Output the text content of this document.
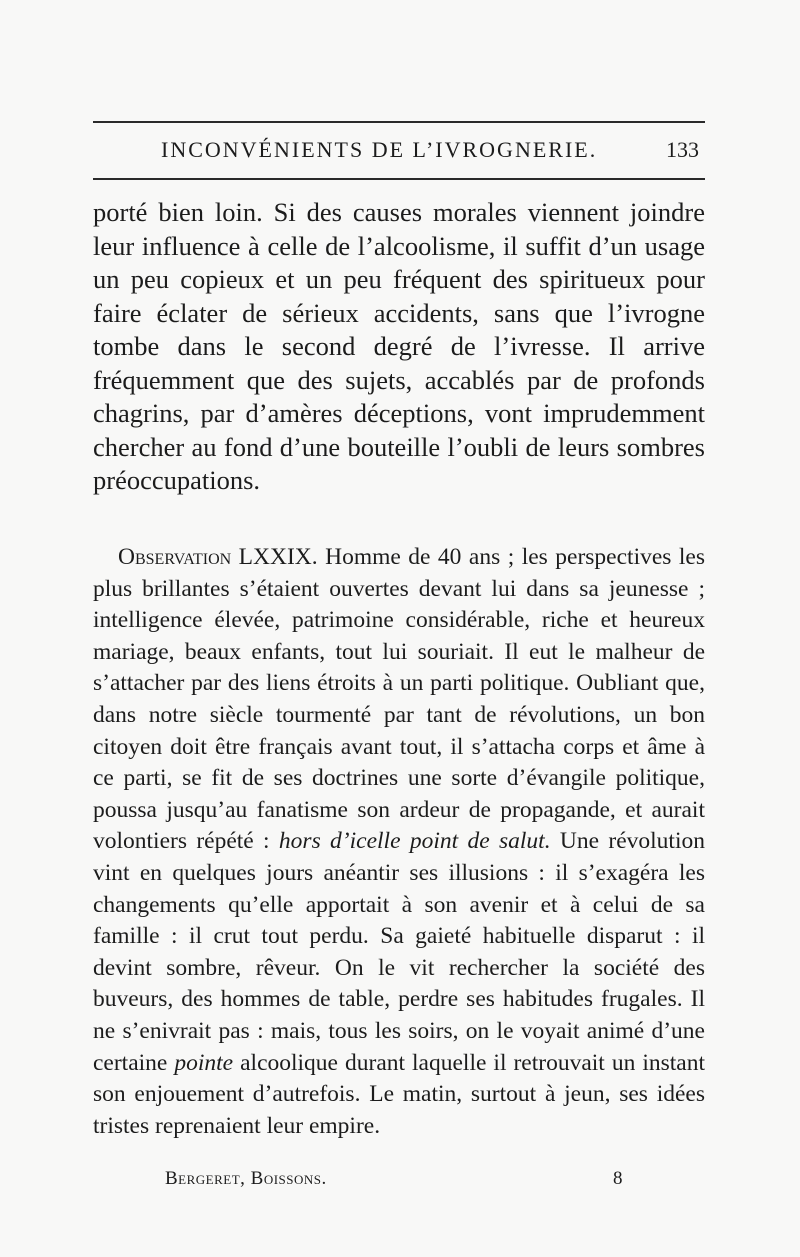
INCONVÉNIENTS DE L’IVROGNERIE.	133

porté bien loin. Si des causes morales viennent joindre leur influence à celle de l’alcoolisme, il suffit d’un usage un peu copieux et un peu fréquent des spiritueux pour faire éclater de sérieux accidents, sans que l’ivrogne tombe dans le second degré de l’ivresse. Il arrive fréquemment que des sujets, accablés par de profonds chagrins, par d’amères déceptions, vont imprudemment chercher au fond d’une bouteille l’oubli de leurs sombres préoccupations.

Observation LXXIX. Homme de 40 ans ; les perspectives les plus brillantes s’étaient ouvertes devant lui dans sa jeunesse ; intelligence élevée, patrimoine considérable, riche et heureux mariage, beaux enfants, tout lui souriait. Il eut le malheur de s’attacher par des liens étroits à un parti politique. Oubliant que, dans notre siècle tourmenté par tant de révolutions, un bon citoyen doit être français avant tout, il s’attacha corps et âme à ce parti, se fit de ses doctrines une sorte d’évangile politique, poussa jusqu’au fanatisme son ardeur de propagande, et aurait volontiers répété : hors d’icelle point de salut. Une révolution vint en quelques jours anéantir ses illusions : il s’exagéra les changements qu’elle apportait à son avenir et à celui de sa famille : il crut tout perdu. Sa gaieté habituelle disparut : il devint sombre, rêveur. On le vit rechercher la société des buveurs, des hommes de table, perdre ses habitudes frugales. Il ne s’enivrait pas : mais, tous les soirs, on le voyait animé d’une certaine pointe alcoolique durant laquelle il retrouvait un instant son enjouement d’autrefois. Le matin, surtout à jeun, ses idées tristes reprenaient leur empire.

Bergeret, Boissons.	8
